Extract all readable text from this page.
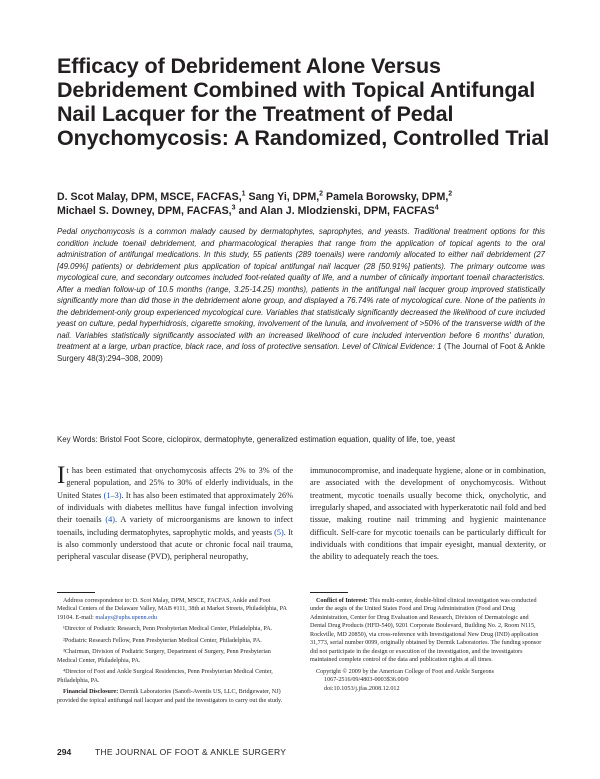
Efficacy of Debridement Alone Versus Debridement Combined with Topical Antifungal Nail Lacquer for the Treatment of Pedal Onychomycosis: A Randomized, Controlled Trial
D. Scot Malay, DPM, MSCE, FACFAS,$^1$ Sang Yi, DPM,$^2$ Pamela Borowsky, DPM,$^2$
Michael S. Downey, DPM, FACFAS,$^3$ and Alan J. Mlodzienski, DPM, FACFAS$^4$
Pedal onychomycosis is a common malady caused by dermatophytes, saprophytes, and yeasts. Traditional treatment options for this condition include toenail debridement, and pharmacological therapies that range from the application of topical agents to the oral administration of antifungal medications. In this study, 55 patients (289 toenails) were randomly allocated to either nail debridement (27 [49.09%] patients) or debridement plus application of topical antifungal nail lacquer (28 [50.91%] patients). The primary outcome was mycological cure, and secondary outcomes included foot-related quality of life, and a number of clinically important toenail characteristics. After a median follow-up of 10.5 months (range, 3.25-14.25) months), patients in the antifungal nail lacquer group improved statistically significantly more than did those in the debridement alone group, and displayed a 76.74% rate of mycological cure. None of the patients in the debridement-only group experienced mycological cure. Variables that statistically significantly decreased the likelihood of cure included yeast on culture, pedal hyperhidrosis, cigarette smoking, involvement of the lunula, and involvement of >50% of the transverse width of the nail. Variables statistically significantly associated with an increased likelihood of cure included intervention before 6 months' duration, treatment at a large, urban practice, black race, and loss of protective sensation. Level of Clinical Evidence: 1 (The Journal of Foot & Ankle Surgery 48(3):294–308, 2009)
Key Words: Bristol Foot Score, ciclopirox, dermatophyte, generalized estimation equation, quality of life, toe, yeast
It has been estimated that onychomycosis affects 2% to 3% of the general population, and 25% to 30% of elderly individuals, in the United States (1–3). It has also been estimated that approximately 26% of individuals with diabetes mellitus have fungal infection involving their toenails (4). A variety of microorganisms are known to infect toenails, including dermatophytes, saprophytic molds, and yeasts (5). It is also commonly understood that acute or chronic focal nail trauma, peripheral vascular disease (PVD), peripheral neuropathy,
immunocompromise, and inadequate hygiene, alone or in combination, are associated with the development of onychomycosis. Without treatment, mycotic toenails usually become thick, onycholytic, and irregularly shaped, and associated with hyperkeratotic nail fold and bed tissue, making routine nail trimming and hygienic maintenance difficult. Self-care for mycotic toenails can be particularly difficult for individuals with conditions that impair eyesight, manual dexterity, or the ability to adequately reach the toes.

Address correspondence to: D. Scot Malay, DPM, MSCE, FACFAS, Ankle and Foot Medical Centers of the Delaware Valley, MAB #111, 38th at Market Streets, Philadelphia, PA 19104. E-mail: malays@uphs.upenn.edu

¹Director of Podiatric Research, Penn Presbyterian Medical Center, Philadelphia, PA.

²Podiatric Research Fellow, Penn Presbyterian Medical Center, Philadelphia, PA.

³Chairman, Division of Podiatric Surgery, Department of Surgery, Penn Presbyterian Medical Center, Philadelphia, PA.

⁴Director of Foot and Ankle Surgical Residencies, Penn Presbyterian Medical Center, Philadelphia, PA.

Financial Disclosure: Dermik Laboratories (Sanofi-Aventis US, LLC, Bridgewater, NJ) provided the topical antifungal nail lacquer and paid the investigators to carry out the study.

Conflict of Interest: This multi-center, double-blind clinical investigation was conducted under the aegis of the United States Food and Drug Administration (Food and Drug Administration, Center for Drug Evaluation and Research, Division of Dermatologic and Dental Drug Products (HFD-540), 9201 Corporate Boulevard, Building No. 2, Room N115, Rockville, MD 20850), via cross-reference with Investigational New Drug (IND) application 31,773, serial number 0099, originally obtained by Dermik Laboratories. The funding sponsor did not participate in the design or execution of the investigation, and the investigators maintained complete control of the data and publication rights at all times.

Copyright © 2009 by the American College of Foot and Ankle Surgeons
1067-2516/09/4803-0003$36.00/0
doi:10.1053/j.jfas.2008.12.012
294	THE JOURNAL OF FOOT & ANKLE SURGERY
